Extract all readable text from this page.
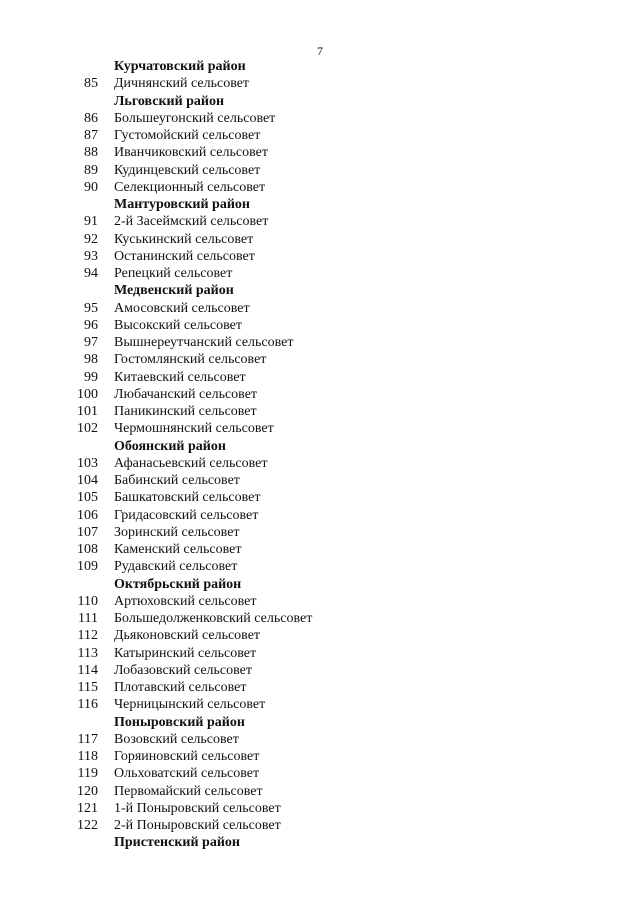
7
Курчатовский район
85 Дичнянский сельсовет
Льговский район
86 Большеугонский сельсовет
87 Густомойский сельсовет
88 Иванчиковский сельсовет
89 Кудинцевский сельсовет
90 Селекционный сельсовет
Мантуровский район
91 2-й Засеймский сельсовет
92 Куськинский сельсовет
93 Останинский сельсовет
94 Репецкий сельсовет
Медвенский район
95 Амосовский сельсовет
96 Высокский сельсовет
97 Вышнереутчанский сельсовет
98 Гостомлянский сельсовет
99 Китаевский сельсовет
100 Любачанский сельсовет
101 Паникинский сельсовет
102 Чермошнянский сельсовет
Обоянский район
103 Афанасьевский сельсовет
104 Бабинский сельсовет
105 Башкатовский сельсовет
106 Гридасовский сельсовет
107 Зоринский сельсовет
108 Каменский сельсовет
109 Рудавский сельсовет
Октябрьский район
110 Артюховский сельсовет
111 Большедолженковский сельсовет
112 Дьяконовский сельсовет
113 Катыринский сельсовет
114 Лобазовский сельсовет
115 Плотавский сельсовет
116 Черницынский сельсовет
Поныровский район
117 Возовский сельсовет
118 Горяиновский сельсовет
119 Ольховатский сельсовет
120 Первомайский сельсовет
121 1-й Поныровский сельсовет
122 2-й Поныровский сельсовет
Пристенский район
